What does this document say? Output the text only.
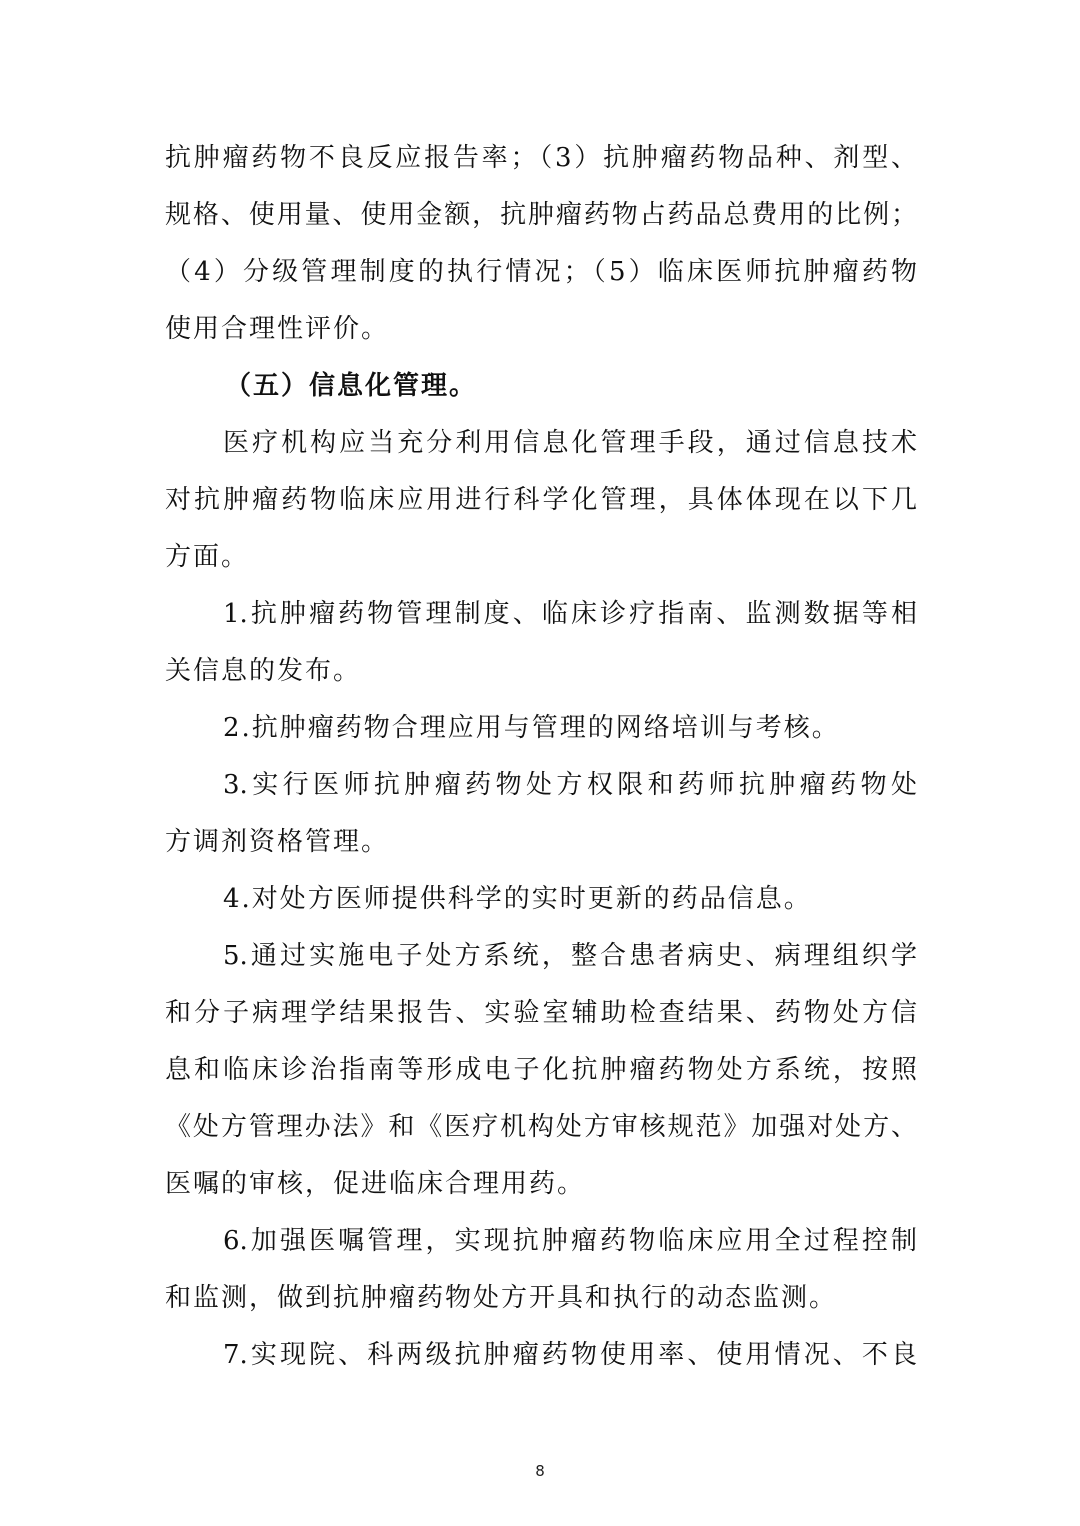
抗肿瘤药物不良反应报告率；（3）抗肿瘤药物品种、剂型、
规格、使用量、使用金额，抗肿瘤药物占药品总费用的比例；
（4）分级管理制度的执行情况；（5）临床医师抗肿瘤药物
使用合理性评价。
（五）信息化管理。
医疗机构应当充分利用信息化管理手段，通过信息技术
对抗肿瘤药物临床应用进行科学化管理，具体体现在以下几
方面。
1.抗肿瘤药物管理制度、临床诊疗指南、监测数据等相
关信息的发布。
2.抗肿瘤药物合理应用与管理的网络培训与考核。
3.实行医师抗肿瘤药物处方权限和药师抗肿瘤药物处
方调剂资格管理。
4.对处方医师提供科学的实时更新的药品信息。
5.通过实施电子处方系统，整合患者病史、病理组织学
和分子病理学结果报告、实验室辅助检查结果、药物处方信
息和临床诊治指南等形成电子化抗肿瘤药物处方系统，按照
《处方管理办法》和《医疗机构处方审核规范》加强对处方、
医嘱的审核，促进临床合理用药。
6.加强医嘱管理，实现抗肿瘤药物临床应用全过程控制
和监测，做到抗肿瘤药物处方开具和执行的动态监测。
7.实现院、科两级抗肿瘤药物使用率、使用情况、不良
8
